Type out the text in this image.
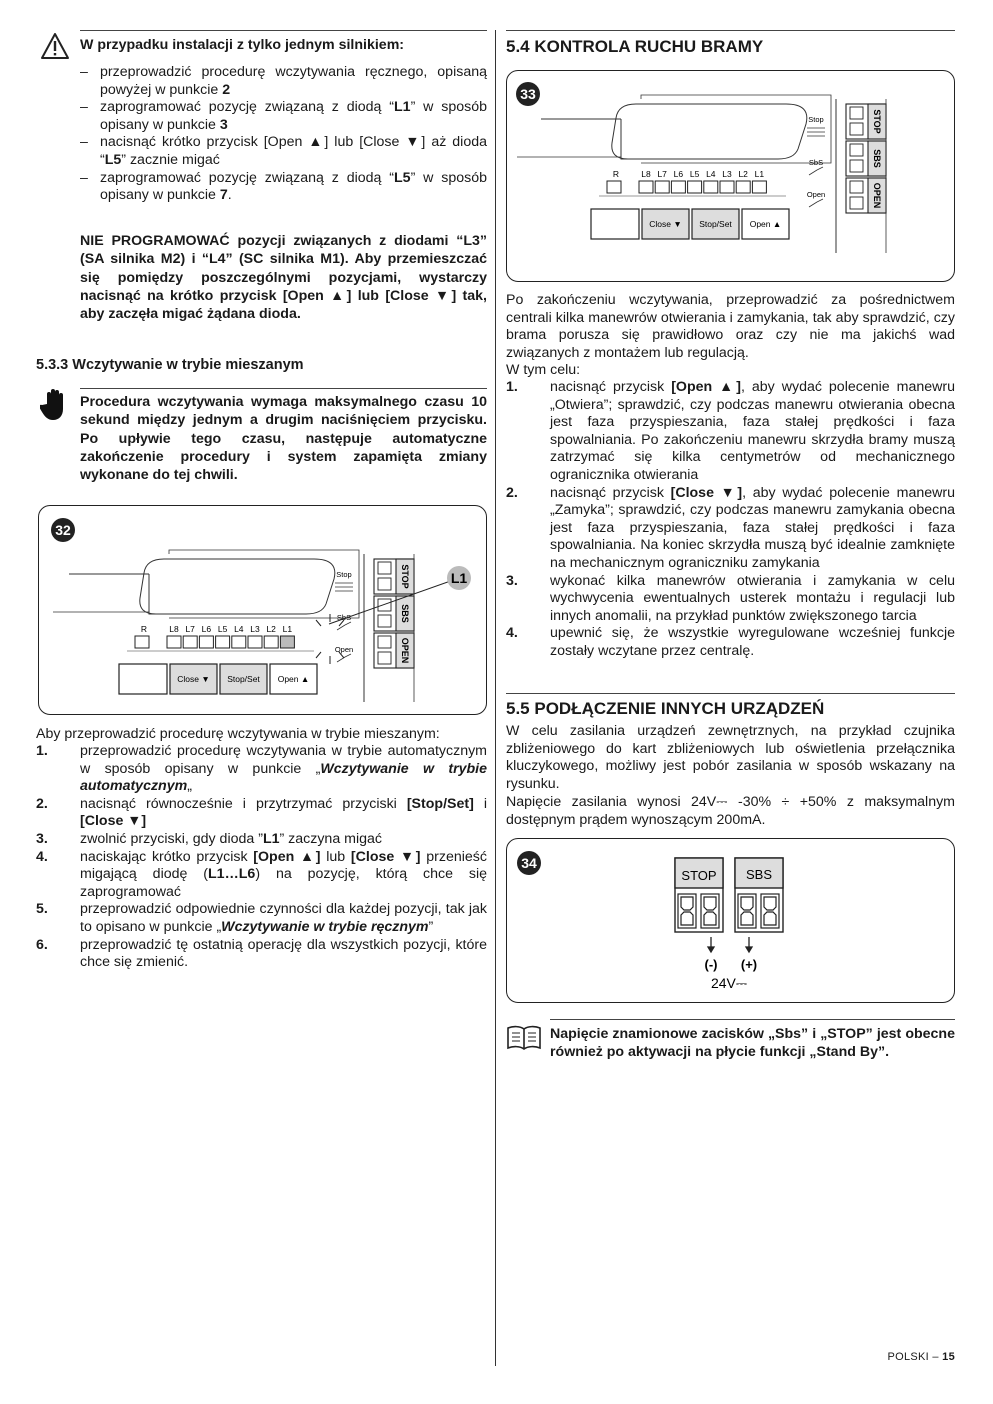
W przypadku instalacji z tylko jednym silnikiem:
– przeprowadzić procedurę wczytywania ręcznego, opisaną powyżej w punkcie 2
– zaprogramować pozycję związaną z diodą “L1” w sposób opisany w punkcie 3
– nacisnąć krótko przycisk [Open ▲] lub [Close ▼] aż dioda “L5” zacznie migać
– zaprogramować pozycję związaną z diodą “L5” w sposób opisany w punkcie 7.
NIE PROGRAMOWAĆ pozycji związanych z diodami “L3” (SA silnika M2) i “L4” (SC silnika M1). Aby przemieszczać się pomiędzy poszczególnymi pozycjami, wystarczy nacisnąć na krótko przycisk [Open ▲] lub [Close ▼] tak, aby zaczęła migać żądana dioda.
5.3.3 Wczytywanie w trybie mieszanym
Procedura wczytywania wymaga maksymalnego czasu 10 sekund między jednym a drugim naciśnięciem przycisku. Po upływie tego czasu, następuje automatyczne zakończenie procedury i system zapamięta zmiany wykonane do tej chwili.
32
R	L8 L7 L6 L5 L4 L3 L2 L1
Close ▼ Stop/Set Open ▲
Stop
SbS
Open
STOP
SBS
OPEN
L1
Aby przeprowadzić procedurę wczytywania w trybie mieszanym:
1. przeprowadzić procedurę wczytywania w trybie automatycznym w sposób opisany w punkcie „Wczytywanie w trybie automatycznym„
2. nacisnąć równocześnie i przytrzymać przyciski [Stop/Set] i [Close ▼]
3. zwolnić przyciski, gdy dioda ”L1” zaczyna migać
4. naciskając krótko przycisk [Open ▲] lub [Close ▼] przenieść migającą diodę (L1…L6) na pozycję, którą chce się zaprogramować
5. przeprowadzić odpowiednie czynności dla każdej pozycji, tak jak to opisano w punkcie „Wczytywanie w trybie ręcznym”
6. przeprowadzić tę ostatnią operację dla wszystkich pozycji, które chce się zmienić.
5.4 KONTROLA RUCHU BRAMY
33
R	L8 L7 L6 L5 L4 L3 L2 L1
Close ▼ Stop/Set Open ▲
Stop
SbS
Open
STOP
SBS
OPEN
Po zakończeniu wczytywania, przeprowadzić za pośrednictwem centrali kilka manewrów otwierania i zamykania, tak aby sprawdzić, czy brama porusza się prawidłowo oraz czy nie ma jakichś wad związanych z montażem lub regulacją.
W tym celu:
1. nacisnąć przycisk [Open ▲], aby wydać polecenie manewru „Otwiera”; sprawdzić, czy podczas manewru otwierania obecna jest faza przyspieszania, faza stałej prędkości i faza spowalniania. Po zakończeniu manewru skrzydła bramy muszą zatrzymać się kilka centymetrów od mechanicznego ogranicznika otwierania
2. nacisnąć przycisk [Close ▼], aby wydać polecenie manewru „Zamyka”; sprawdzić, czy podczas manewru zamykania obecna jest faza przyspieszania, faza stałej prędkości i faza spowalniania. Na koniec skrzydła muszą być idealnie zamknięte na mechanicznym ograniczniku zamykania
3. wykonać kilka manewrów otwierania i zamykania w celu wychwycenia ewentualnych usterek montażu i regulacji lub innych anomalii, na przykład punktów zwiększonego tarcia
4. upewnić się, że wszystkie wyregulowane wcześniej funkcje zostały wczytane przez centralę.
5.5 PODŁĄCZENIE INNYCH URZĄDZEŃ
W celu zasilania urządzeń zewnętrznych, na przykład czujnika zbliżeniowego do kart zbliżeniowych lub oświetlenia przełącznika kluczykowego, możliwy jest pobór zasilania w sposób wskazany na rysunku.
Napięcie zasilania wynosi 24V⎓ -30% ÷ +50% z maksymalnym dostępnym prądem wynoszącym 200mA.
34
STOP SBS
(-) (+)
24V⎓
Napięcie znamionowe zacisków „Sbs” i „STOP” jest obecne również po aktywacji na płycie funkcji „Stand By”.
POLSKI – 15
